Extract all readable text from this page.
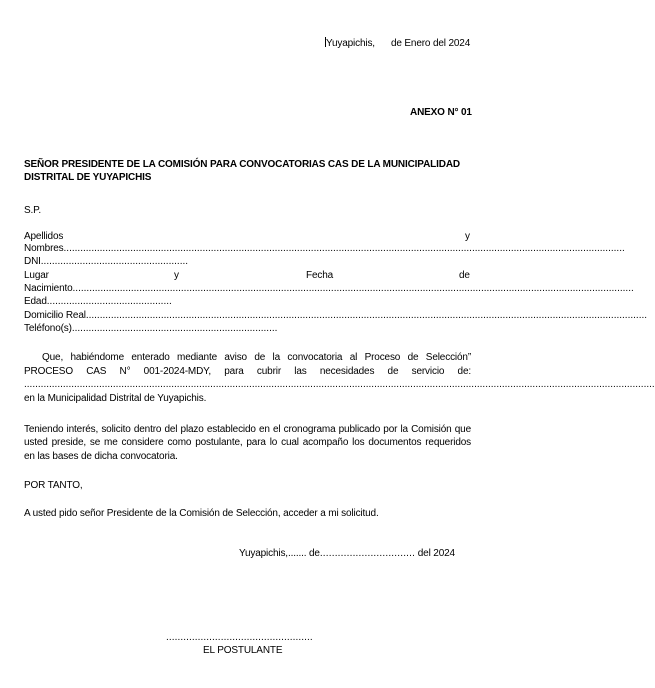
Yuyapichis, de Enero del 2024
ANEXO N° 01
SEÑOR PRESIDENTE DE LA COMISIÓN PARA CONVOCATORIAS CAS DE LA MUNICIPALIDAD
DISTRITAL DE YUYAPICHIS
S.P.
Apellidos	y
Nombres ..........................................................................................................................................................................................................
DNI .....................................................
Lugar	y	Fecha	de
Nacimiento ..........................................................................................................................................................................................................
Edad .............................................
Domicilio Real ..........................................................................................................................................................................................................
Teléfono(s) ..........................................................................
Que, habiéndome enterado mediante aviso de la convocatoria al Proceso de Selección”
PROCESO CAS N° 001-2024-MDY, para cubrir las necesidades de servicio de:
...................................................................................................................................................................................................................................
en la Municipalidad Distrital de Yuyapichis.
Teniendo interés, solicito dentro del plazo establecido en el cronograma publicado por la Comisión que
usted preside, se me considere como postulante, para lo cual acompaño los documentos requeridos
en las bases de dicha convocatoria.
POR TANTO,
A usted pido señor Presidente de la Comisión de Selección, acceder a mi solicitud.
Yuyapichis,....... de................................ del 2024
...................................................
EL POSTULANTE
